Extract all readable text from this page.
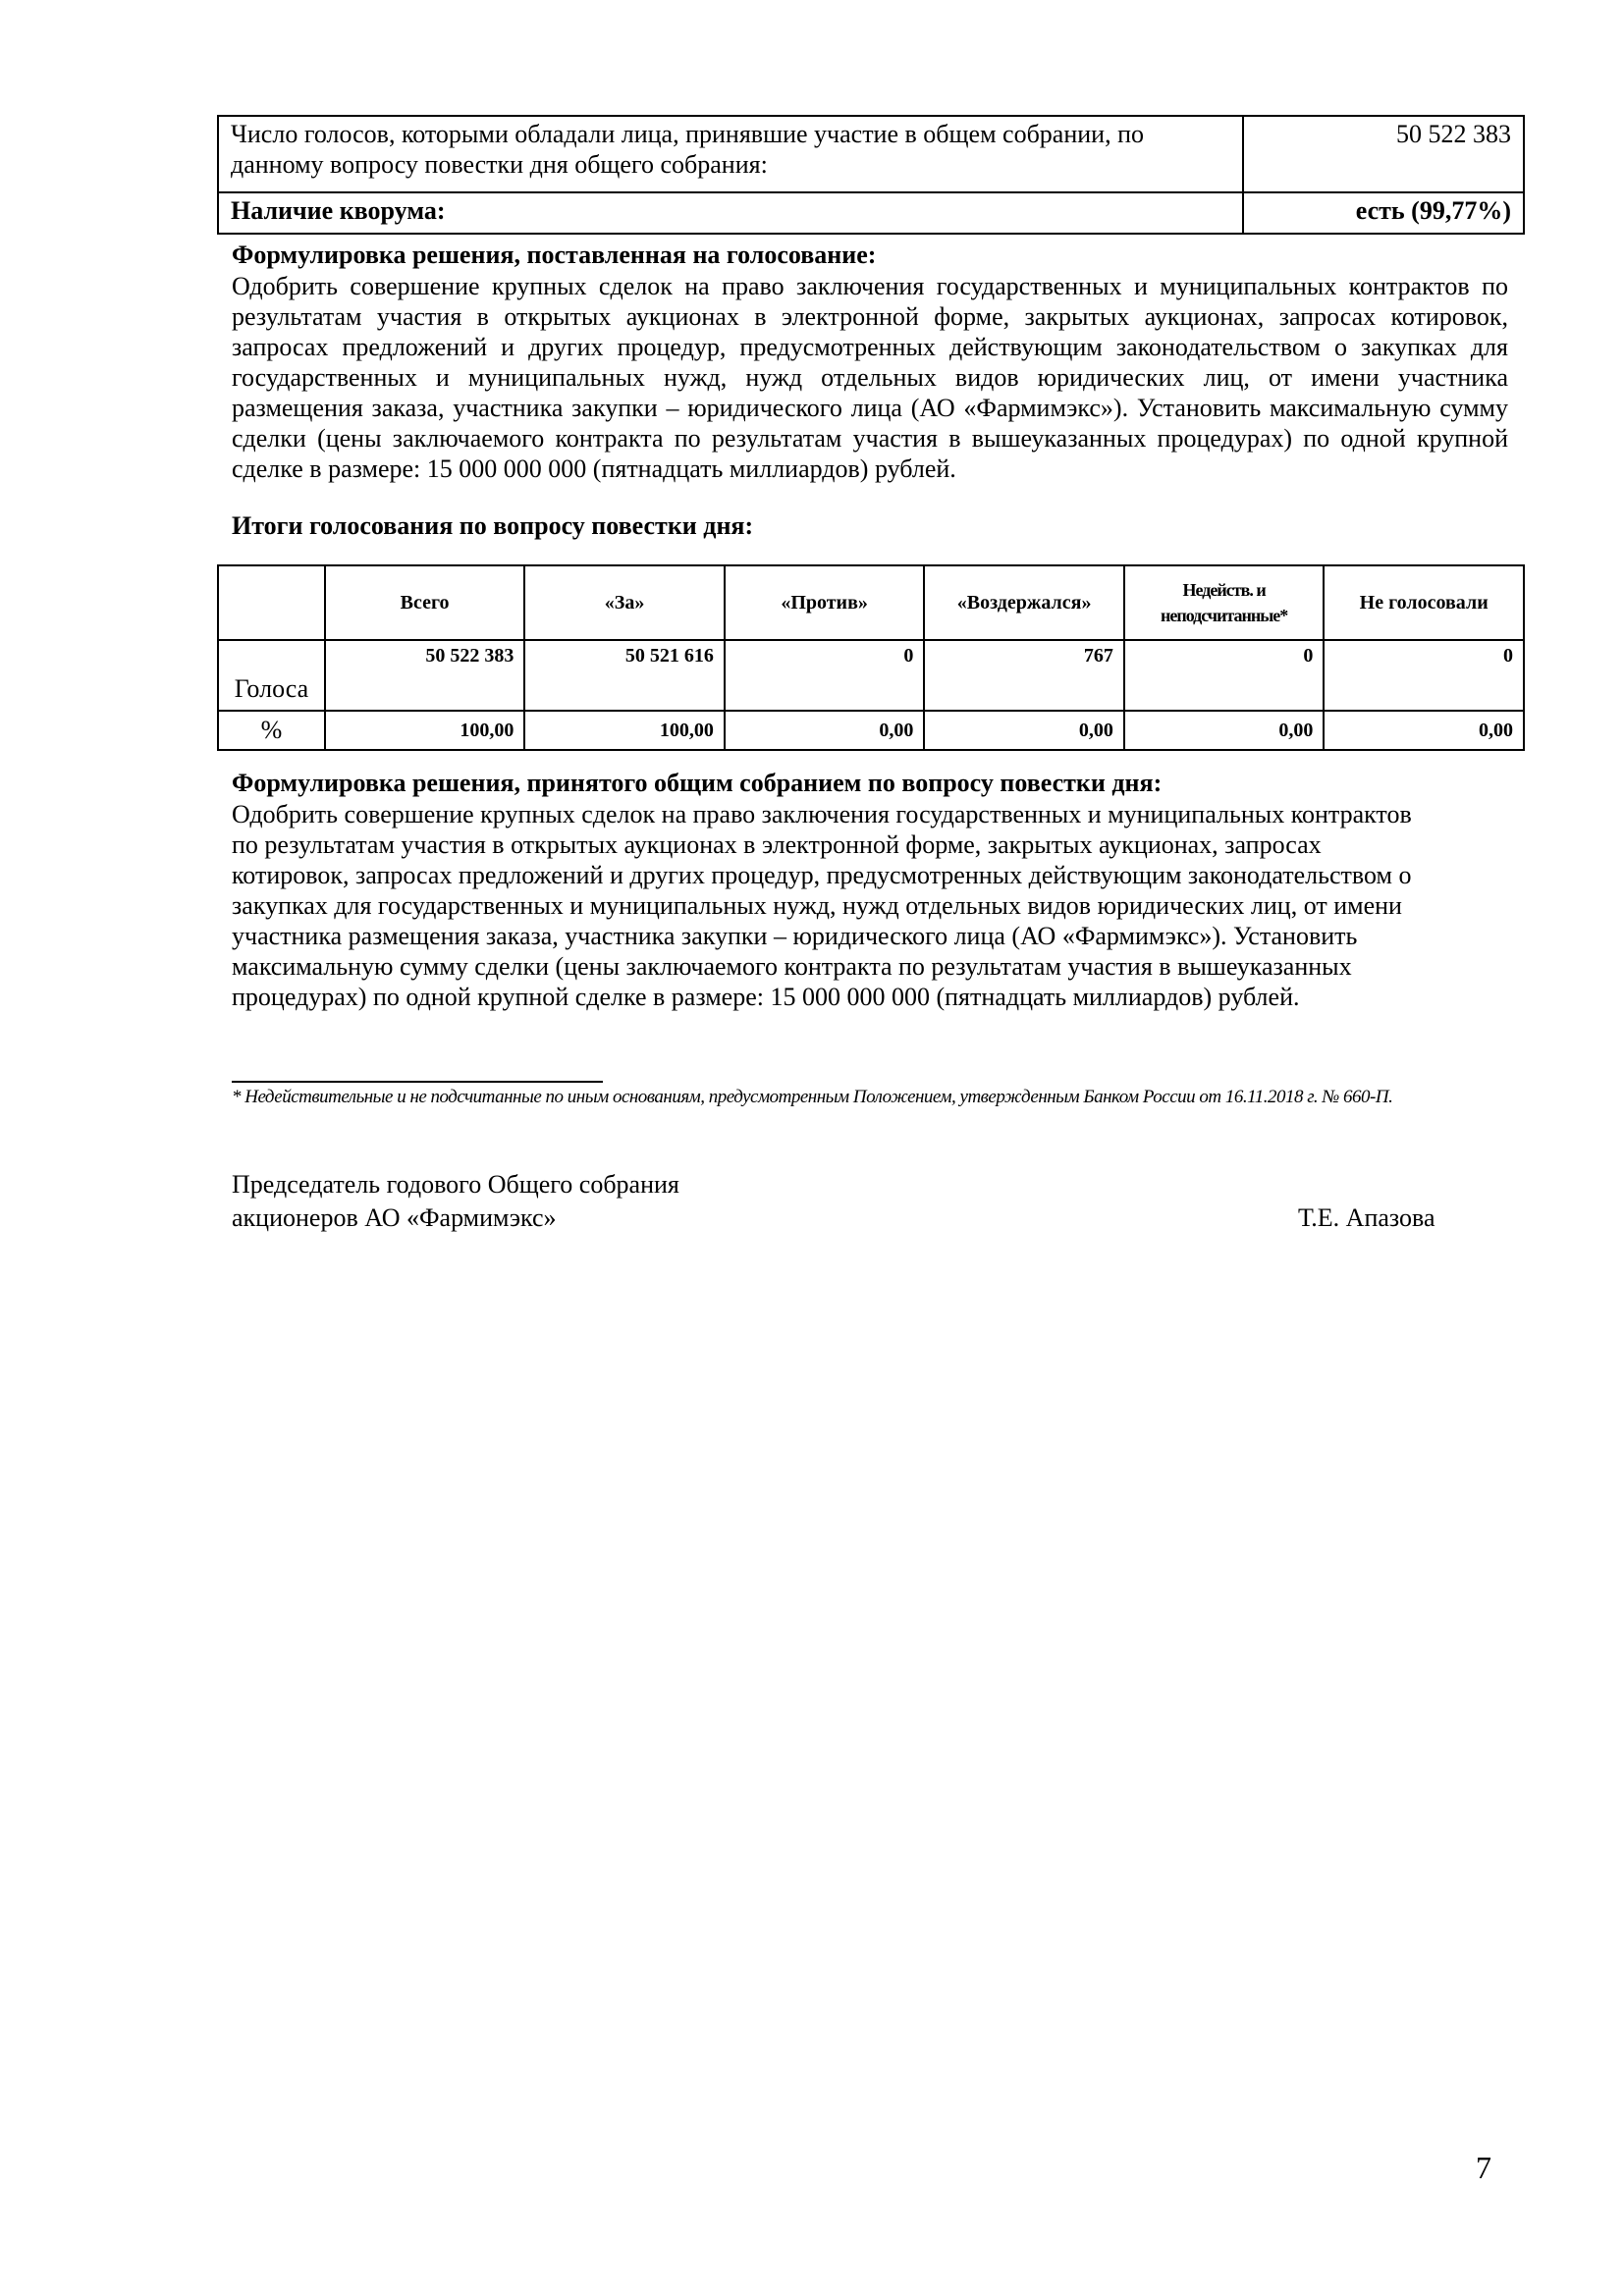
Число голосов, которыми обладали лица, принявшие участие в общем собрании, по данному вопросу повестки дня общего собрания:	50 522 383
Наличие кворума:	есть (99,77%)
Формулировка решения, поставленная на голосование:
Одобрить совершение крупных сделок на право заключения государственных и муниципальных контрактов по результатам участия в открытых аукционах в электронной форме, закрытых аукционах, запросах котировок, запросах предложений и других процедур, предусмотренных действующим законодательством о закупках для государственных и муниципальных нужд, нужд отдельных видов юридических лиц, от имени участника размещения заказа, участника закупки – юридического лица (АО «Фармимэкс»). Установить максимальную сумму сделки (цены заключаемого контракта по результатам участия в вышеуказанных процедурах) по одной крупной сделке в размере: 15 000 000 000 (пятнадцать миллиардов) рублей.
Итоги голосования по вопросу повестки дня:
	Всего	«За»	«Против»	«Воздержался»	Недейств. и неподсчитанные*	Не голосовали
Голоса	50 522 383	50 521 616	0	767	0	0
%	100,00	100,00	0,00	0,00	0,00	0,00
Формулировка решения, принятого общим собранием по вопросу повестки дня:
Одобрить совершение крупных сделок на право заключения государственных и муниципальных контрактов
по результатам участия в открытых аукционах в электронной форме, закрытых аукционах, запросах
котировок, запросах предложений и других процедур, предусмотренных действующим законодательством о
закупках для государственных и муниципальных нужд, нужд отдельных видов юридических лиц, от имени
участника размещения заказа, участника закупки – юридического лица (АО «Фармимэкс»). Установить
максимальную сумму сделки (цены заключаемого контракта по результатам участия в вышеуказанных
процедурах) по одной крупной сделке в размере: 15 000 000 000 (пятнадцать миллиардов) рублей.
* Недействительные и не подсчитанные по иным основаниям, предусмотренным Положением, утвержденным Банком России от 16.11.2018 г. № 660-П.
Председатель годового Общего собрания
акционеров АО «Фармимэкс»	Т.Е. Апазова
7
